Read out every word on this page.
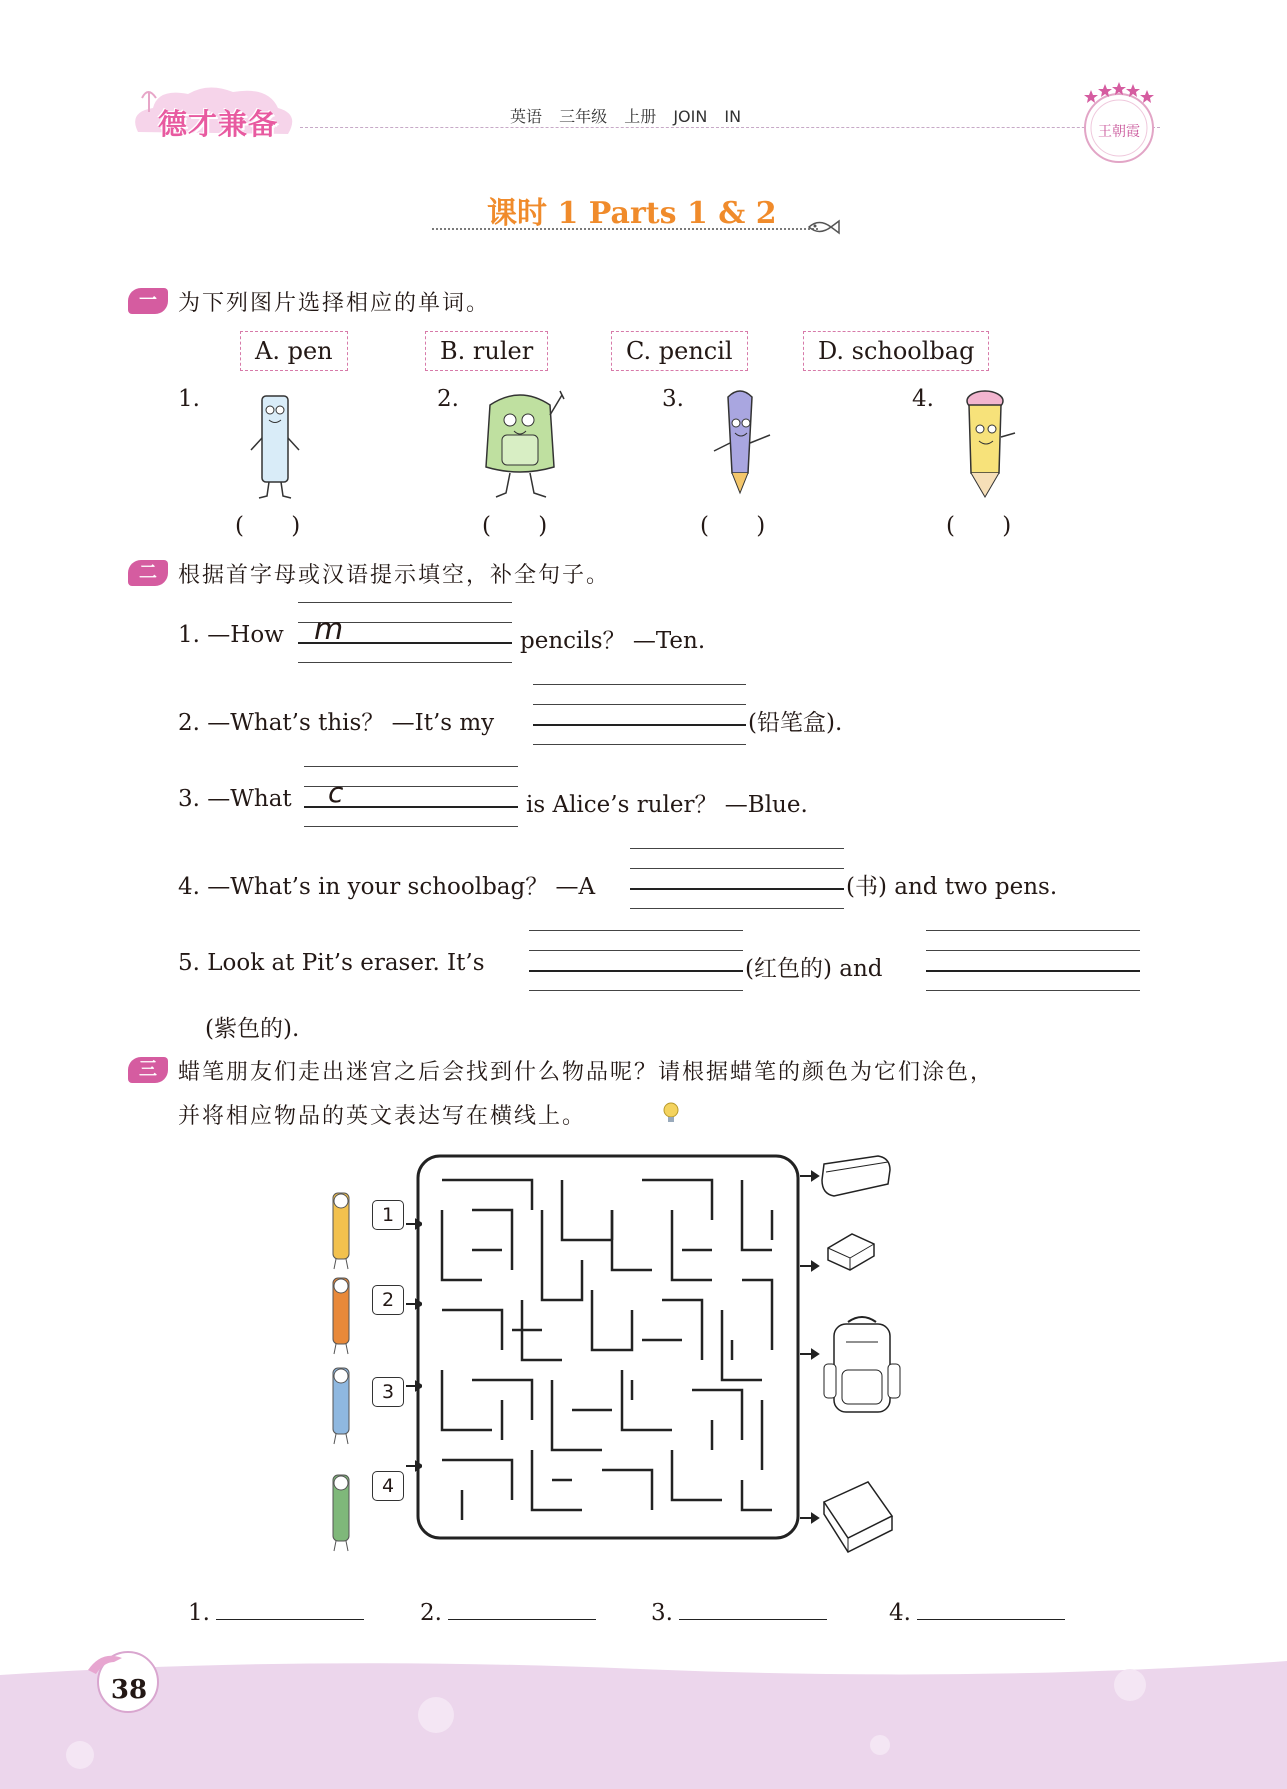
德才兼备	英语 三年级 上册 JOIN IN
王朝霞
课时 1 Parts 1 & 2
一 为下列图片选择相应的单词。
A. pen	B. ruler	C. pencil	D. schoolbag
1.	2.	3.	4.
( )	( )	( )	( )
二 根据首字母或汉语提示填空，补全句子。
1. —How m	pencils？ —Ten.
2. —What’s this？ —It’s my	(铅笔盒).
3. —What c	is Alice’s ruler？ —Blue.
4. —What’s in your schoolbag？ —A	(书) and two pens.
5. Look at Pit’s eraser. It’s	(红色的) and
(紫色的).
三 蜡笔朋友们走出迷宫之后会找到什么物品呢？请根据蜡笔的颜色为它们涂色，
并将相应物品的英文表达写在横线上。
1
2
3
4
1.	2.	3.	4.
38
